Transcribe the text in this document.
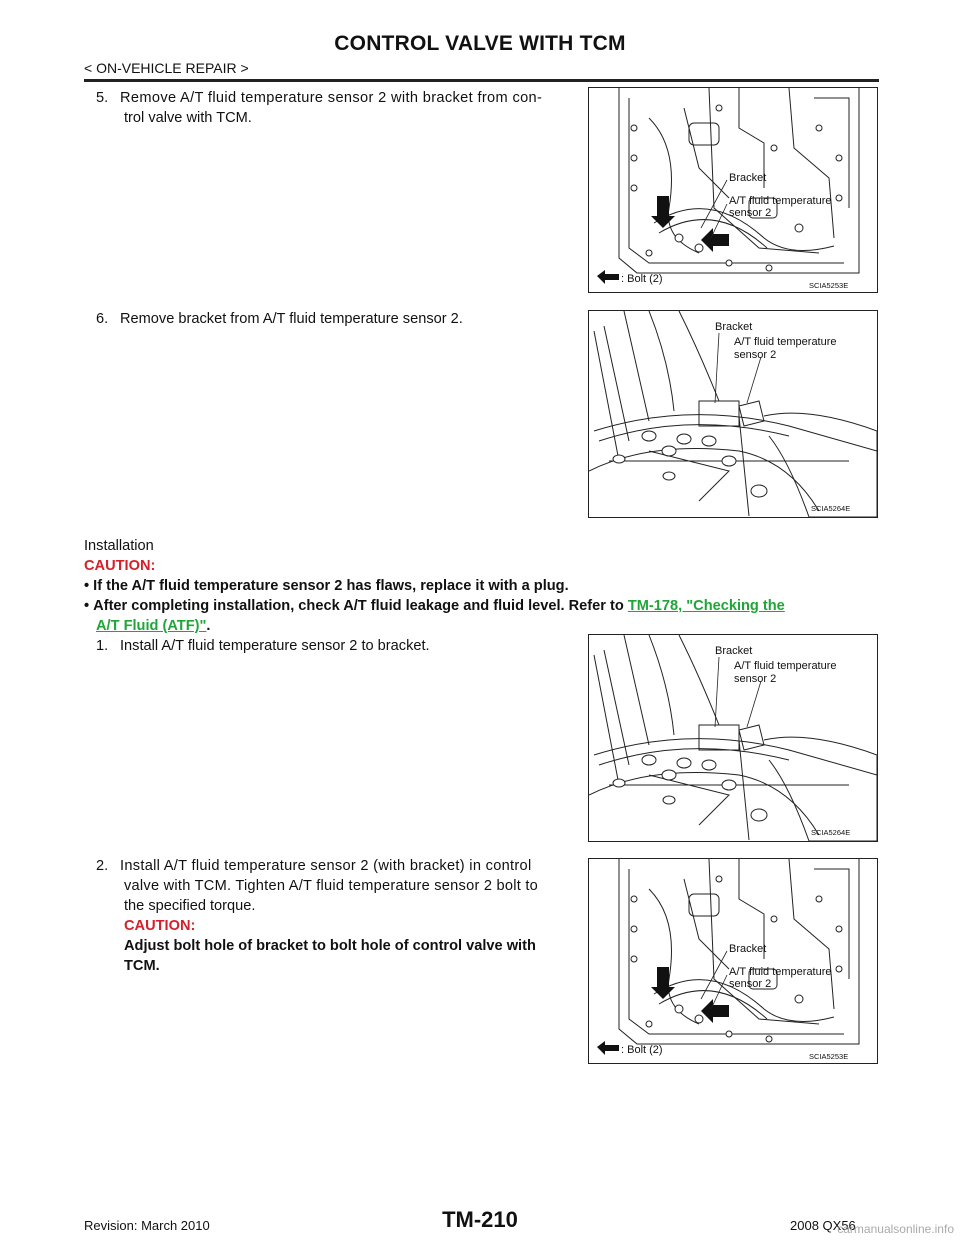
CONTROL VALVE WITH TCM
< ON-VEHICLE REPAIR >
5. Remove A/T fluid temperature sensor 2 with bracket from con-
trol valve with TCM.
Bracket
A/T fluid temperature
sensor 2
: Bolt (2)
SCIA5253E
6. Remove bracket from A/T fluid temperature sensor 2.	Bracket
A/T fluid temperature
sensor 2
SCIA5264E
Installation
CAUTION:
• If the A/T fluid temperature sensor 2 has flaws, replace it with a plug.
• After completing installation, check A/T fluid leakage and fluid level. Refer to TM-178, "Checking the
A/T Fluid (ATF)".
1. Install A/T fluid temperature sensor 2 to bracket.	Bracket
A/T fluid temperature
sensor 2
SCIA5264E
2. Install A/T fluid temperature sensor 2 (with bracket) in control
valve with TCM. Tighten A/T fluid temperature sensor 2 bolt to
the specified torque.
CAUTION:
Adjust bolt hole of bracket to bolt hole of control valve with
TCM.
Bracket
A/T fluid temperature
sensor 2
: Bolt (2)
SCIA5253E
Revision: March 2010	TM-210	2008 QX56
carmanualsonline.info
